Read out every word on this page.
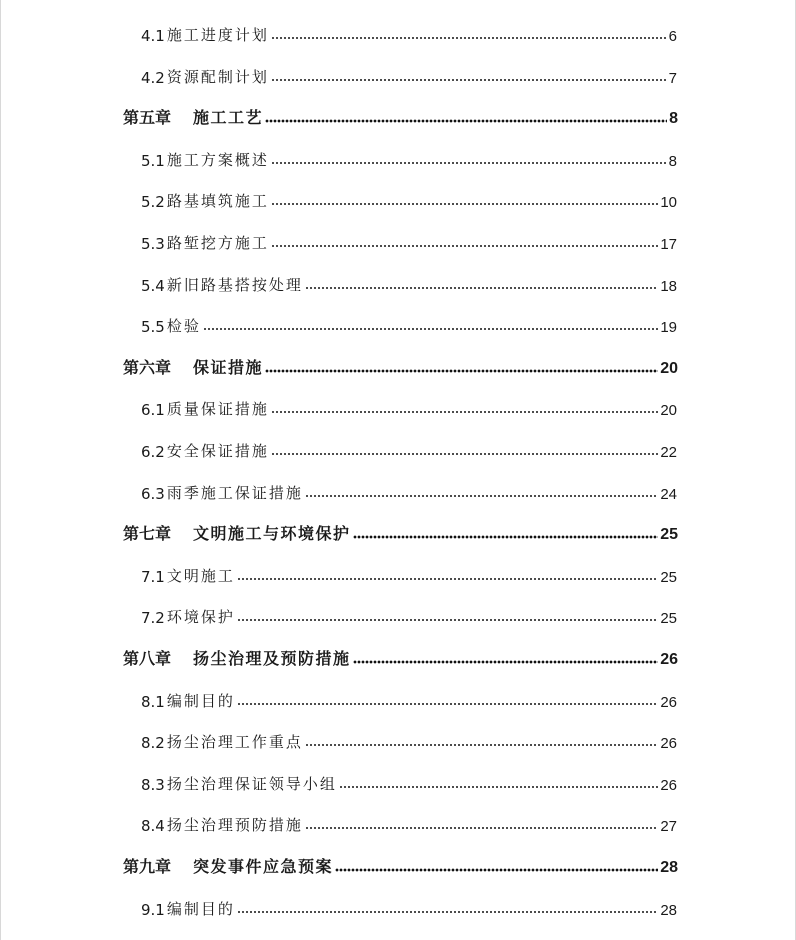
4.1 施工进度计划	6
4.2 资源配制计划	7
第五章 施工工艺	8
5.1 施工方案概述	8
5.2 路基填筑施工	10
5.3 路堑挖方施工	17
5.4 新旧路基搭按处理	18
5.5 检验	19
第六章 保证措施	20
6.1 质量保证措施	20
6.2 安全保证措施	22
6.3 雨季施工保证措施	24
第七章 文明施工与环境保护	25
7.1 文明施工	25
7.2 环境保护	25
第八章 扬尘治理及预防措施	26
8.1 编制目的	26
8.2 扬尘治理工作重点	26
8.3 扬尘治理保证领导小组	26
8.4 扬尘治理预防措施	27
第九章 突发事件应急预案	28
9.1 编制目的	28
